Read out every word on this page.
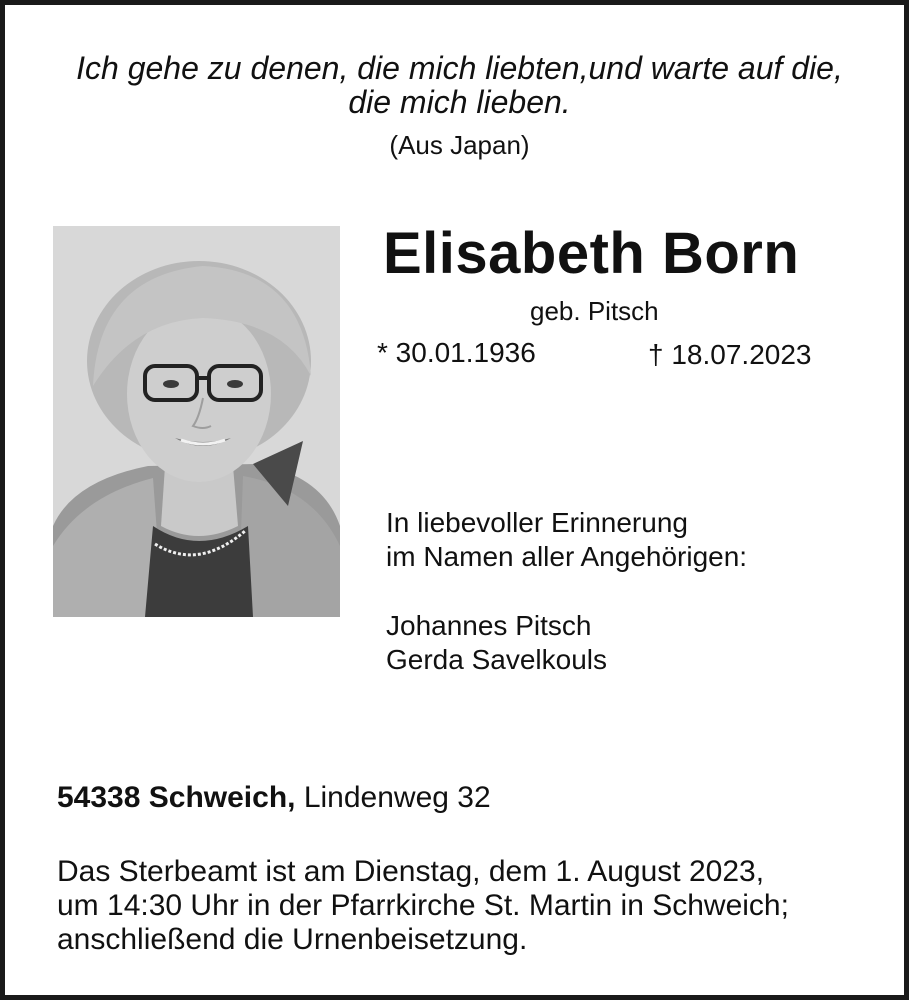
Ich gehe zu denen, die mich liebten,und warte auf die,
die mich lieben.
(Aus Japan)
Elisabeth Born
geb. Pitsch
* 30.01.1936	† 18.07.2023
In liebevoller Erinnerung
im Namen aller Angehörigen:
Johannes Pitsch
Gerda Savelkouls
54338 Schweich, Lindenweg 32
Das Sterbeamt ist am Dienstag, dem 1. August 2023,
um 14:30 Uhr in der Pfarrkirche St. Martin in Schweich;
anschließend die Urnenbeisetzung.
